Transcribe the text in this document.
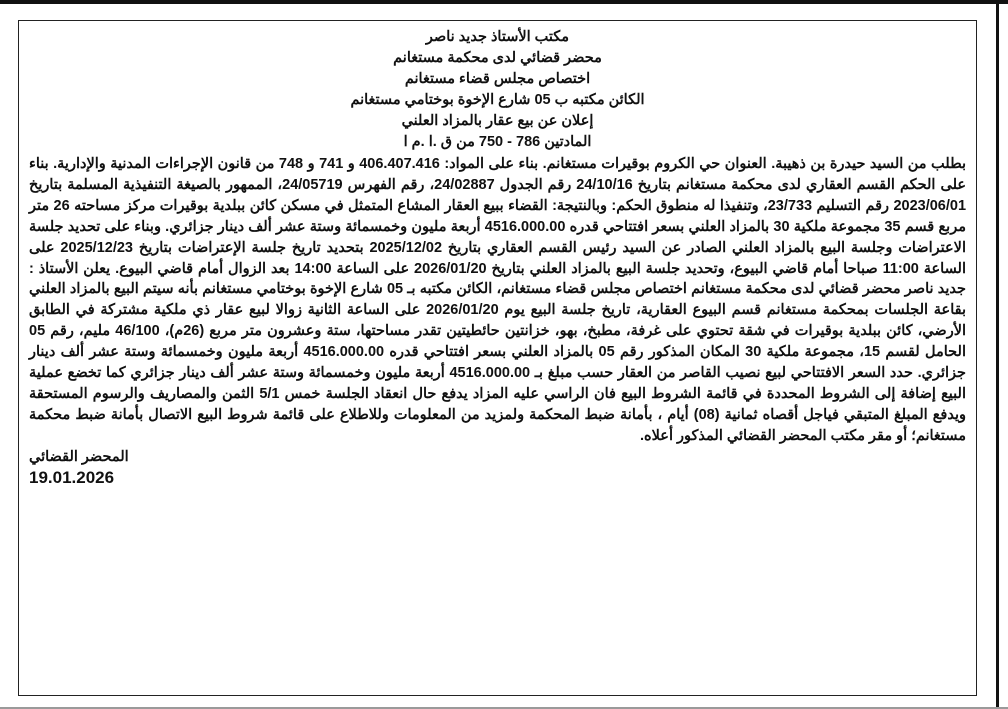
مكتب الأستاذ جديد ناصر
محضر قضائي لدى محكمة مستغانم
اختصاص مجلس قضاء مستغانم
الكائن مكتبه ب 05 شارع الإخوة بوختامي مستغانم
إعلان عن بيع عقار بالمزاد العلني
المادتين 786 - 750 من ق .ا .م ا
بطلب من السيد حيدرة بن ذهيبة. العنوان حي الكروم بوقيرات مستغانم. بناء على المواد: 406.407.416 و 741 و 748 من قانون الإجراءات المدنية والإدارية. بناء على الحكم القسم العقاري لدى محكمة مستغانم بتاريخ 24/10/16 رقم الجدول 24/02887، رقم الفهرس 24/05719، الممهور بالصيغة التنفيذية المسلمة بتاريخ 2023/06/01 رقم التسليم 23/733، وتنفيذا له منطوق الحكم: وبالنتيجة: القضاء ببيع العقار المشاع المتمثل في مسكن كائن ببلدية بوقيرات مركز مساحته 26 متر مربع قسم 35 مجموعة ملكية 30 بالمزاد العلني بسعر افتتاحي قدره 4516.000.00 أربعة مليون وخمسمائة وستة عشر ألف دينار جزائري. وبناء على تحديد جلسة الاعتراضات وجلسة البيع بالمزاد العلني الصادر عن السيد رئيس القسم العقاري بتاريخ 2025/12/02 بتحديد تاريخ جلسة الإعتراضات بتاريخ 2025/12/23 على الساعة 11:00 صباحا أمام قاضي البيوع، وتحديد جلسة البيع بالمزاد العلني بتاريخ 2026/01/20 على الساعة 14:00 بعد الزوال أمام قاضي البيوع. يعلن الأستاذ : جديد ناصر محضر قضائي لدى محكمة مستغانم اختصاص مجلس قضاء مستغانم، الكائن مكتبه بـ 05 شارع الإخوة بوختامي مستغانم بأنه سيتم البيع بالمزاد العلني بقاعة الجلسات بمحكمة مستغانم قسم البيوع العقارية، تاريخ جلسة البيع يوم 2026/01/20 على الساعة الثانية زوالا لبيع عقار ذي ملكية مشتركة في الطابق الأرضي، كائن ببلدية بوقيرات في شقة تحتوي على غرفة، مطبخ، بهو، خزانتين حائطيتين تقدر مساحتها، ستة وعشرون متر مربع (26م)، 46/100 مليم، رقم 05 الحامل لقسم 15، مجموعة ملكية 30 المكان المذكور رقم 05 بالمزاد العلني بسعر افتتاحي قدره 4516.000.00 أربعة مليون وخمسمائة وستة عشر ألف دينار جزائري. حدد السعر الافتتاحي لبيع نصيب القاصر من العقار حسب مبلغ بـ 4516.000.00 أربعة مليون وخمسمائة وستة عشر ألف دينار جزائري كما تخضع عملية البيع إضافة إلى الشروط المحددة في قائمة الشروط البيع فان الراسي عليه المزاد يدفع حال انعقاد الجلسة خمس 5/1 الثمن والمصاريف والرسوم المستحقة ويدفع المبلغ المتبقي فياجل أقصاه ثمانية (08) أيام ، بأمانة ضبط المحكمة ولمزيد من المعلومات وللاطلاع على قائمة شروط البيع الاتصال بأمانة ضبط محكمة مستغانم؛ أو مقر مكتب المحضر القضائي المذكور أعلاه.
المحضر القضائي
19.01.2026
